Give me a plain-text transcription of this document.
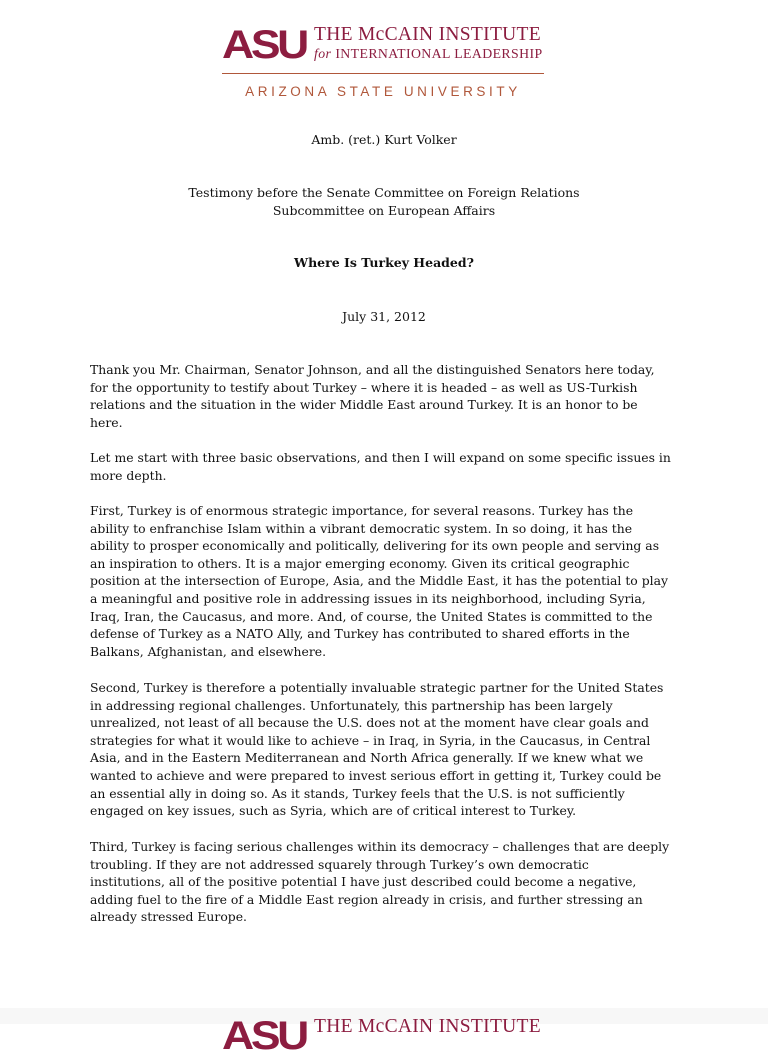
ASU THE McCAIN INSTITUTE
for INTERNATIONAL LEADERSHIP
ARIZONA STATE UNIVERSITY
Amb. (ret.) Kurt Volker
Testimony before the Senate Committee on Foreign Relations
Subcommittee on European Affairs
Where Is Turkey Headed?
July 31, 2012
Thank you Mr. Chairman, Senator Johnson, and all the distinguished Senators here today,
for the opportunity to testify about Turkey – where it is headed – as well as US-Turkish
relations and the situation in the wider Middle East around Turkey. It is an honor to be
here.
Let me start with three basic observations, and then I will expand on some specific issues in
more depth.
First, Turkey is of enormous strategic importance, for several reasons. Turkey has the
ability to enfranchise Islam within a vibrant democratic system. In so doing, it has the
ability to prosper economically and politically, delivering for its own people and serving as
an inspiration to others. It is a major emerging economy. Given its critical geographic
position at the intersection of Europe, Asia, and the Middle East, it has the potential to play
a meaningful and positive role in addressing issues in its neighborhood, including Syria,
Iraq, Iran, the Caucasus, and more. And, of course, the United States is committed to the
defense of Turkey as a NATO Ally, and Turkey has contributed to shared efforts in the
Balkans, Afghanistan, and elsewhere.
Second, Turkey is therefore a potentially invaluable strategic partner for the United States
in addressing regional challenges. Unfortunately, this partnership has been largely
unrealized, not least of all because the U.S. does not at the moment have clear goals and
strategies for what it would like to achieve – in Iraq, in Syria, in the Caucasus, in Central
Asia, and in the Eastern Mediterranean and North Africa generally. If we knew what we
wanted to achieve and were prepared to invest serious effort in getting it, Turkey could be
an essential ally in doing so. As it stands, Turkey feels that the U.S. is not sufficiently
engaged on key issues, such as Syria, which are of critical interest to Turkey.
Third, Turkey is facing serious challenges within its democracy – challenges that are deeply
troubling. If they are not addressed squarely through Turkey’s own democratic
institutions, all of the positive potential I have just described could become a negative,
adding fuel to the fire of a Middle East region already in crisis, and further stressing an
already stressed Europe.
ASU THE McCAIN INSTITUTE
